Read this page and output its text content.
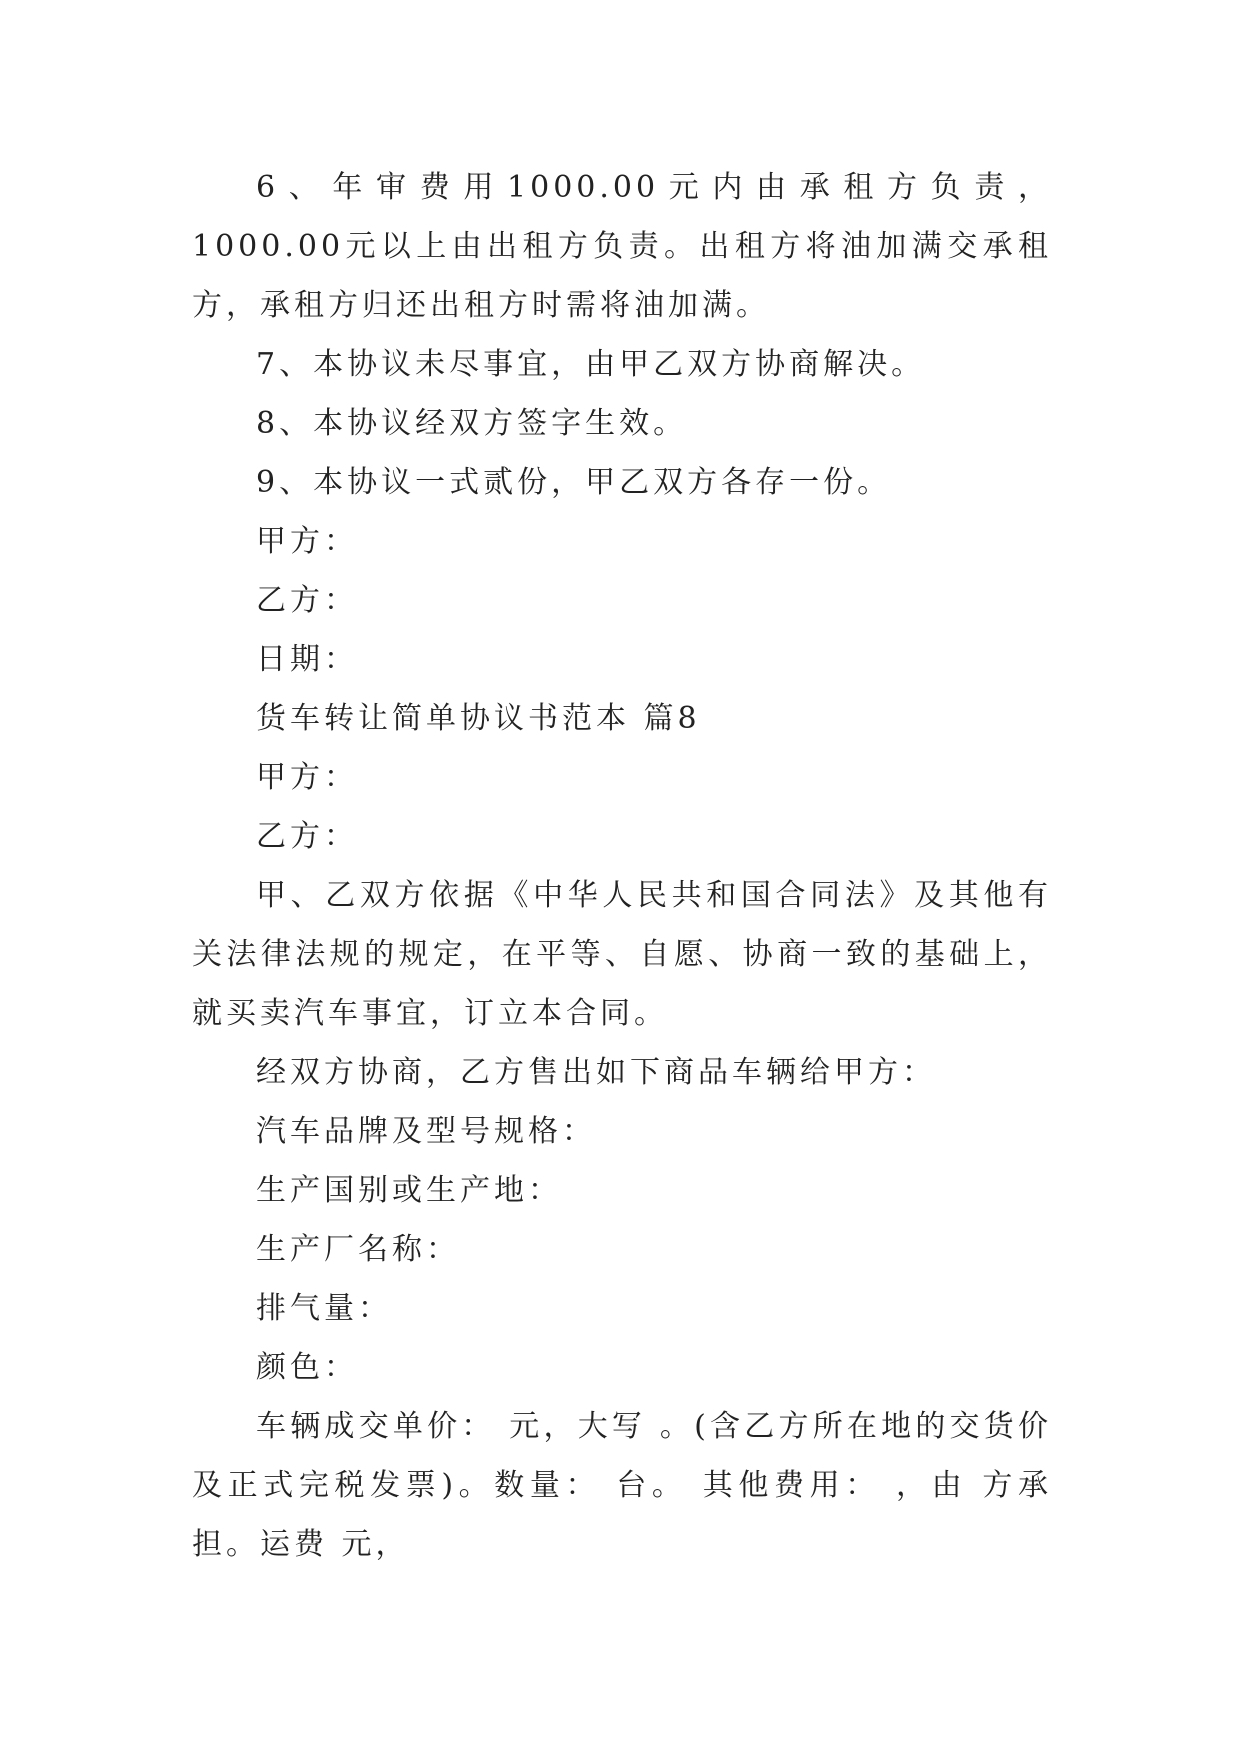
6、年审费用1000.00元内由承租方负责，1000.00元以上由出租方负责。出租方将油加满交承租方，承租方归还出租方时需将油加满。

7、本协议未尽事宜，由甲乙双方协商解决。

8、本协议经双方签字生效。

9、本协议一式贰份，甲乙双方各存一份。

甲方：

乙方：

日期：

货车转让简单协议书范本 篇8

甲方：

乙方：

甲、乙双方依据《中华人民共和国合同法》及其他有关法律法规的规定，在平等、自愿、协商一致的基础上，就买卖汽车事宜，订立本合同。

经双方协商，乙方售出如下商品车辆给甲方：

汽车品牌及型号规格：

生产国别或生产地：

生产厂名称：

排气量：

颜色：

车辆成交单价： 元，大写 。(含乙方所在地的交货价及正式完税发票)。数量： 台。 其他费用： ，由 方承担。运费 元，
